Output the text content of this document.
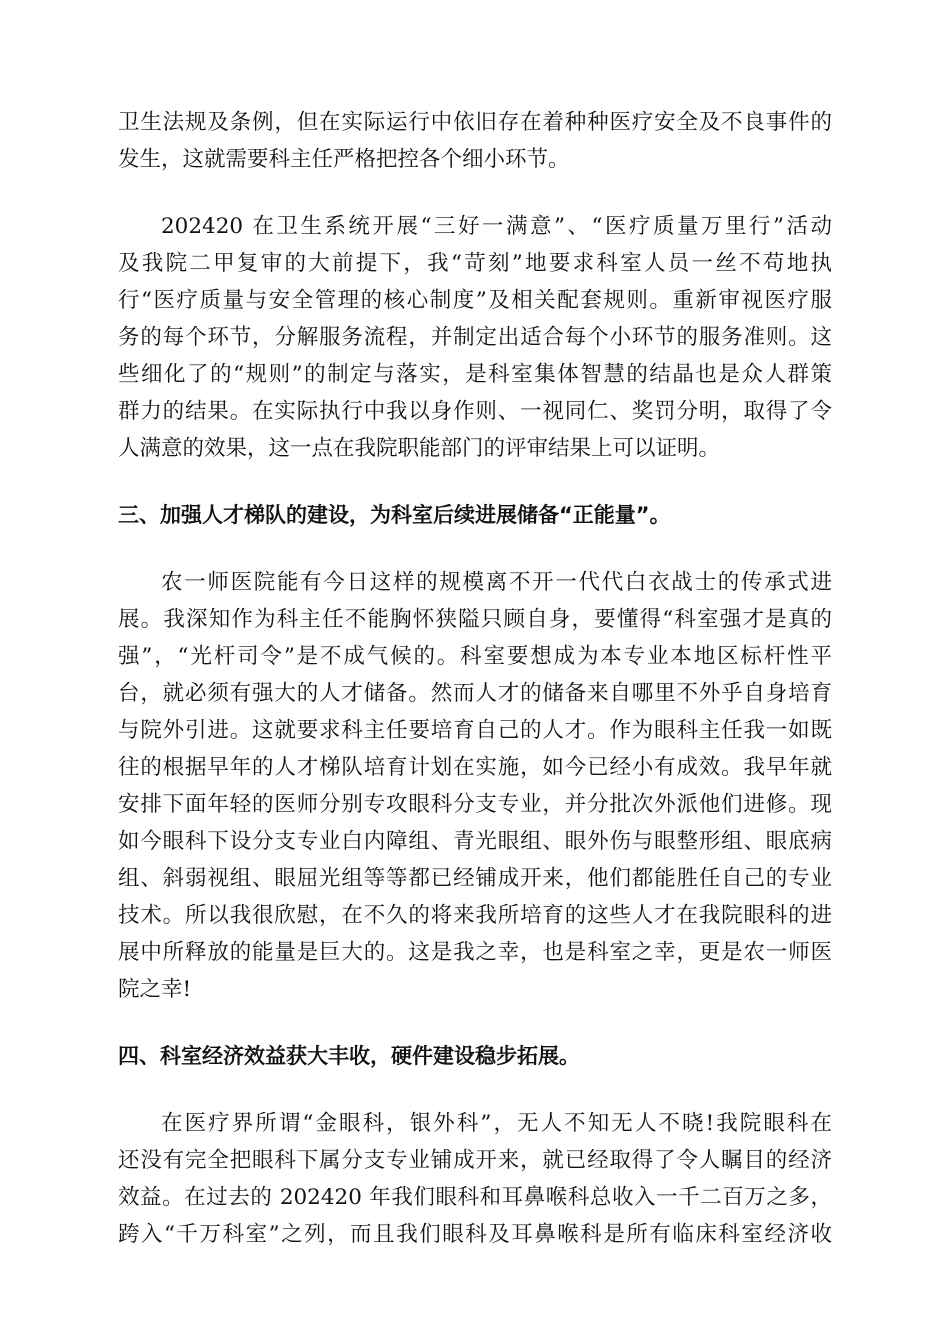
卫生法规及条例，但在实际运行中依旧存在着种种医疗安全及不良事件的
发生，这就需要科主任严格把控各个细小环节。
202420 在卫生系统开展“三好一满意”、“医疗质量万里行”活动
及我院二甲复审的大前提下，我“苛刻”地要求科室人员一丝不苟地执
行“医疗质量与安全管理的核心制度”及相关配套规则。重新审视医疗服
务的每个环节，分解服务流程，并制定出适合每个小环节的服务准则。这
些细化了的“规则”的制定与落实，是科室集体智慧的结晶也是众人群策
群力的结果。在实际执行中我以身作则、一视同仁、奖罚分明，取得了令
人满意的效果，这一点在我院职能部门的评审结果上可以证明。
三、加强人才梯队的建设，为科室后续进展储备“正能量”。
农一师医院能有今日这样的规模离不开一代代白衣战士的传承式进
展。我深知作为科主任不能胸怀狭隘只顾自身，要懂得“科室强才是真的
强”，“光杆司令”是不成气候的。科室要想成为本专业本地区标杆性平
台，就必须有强大的人才储备。然而人才的储备来自哪里不外乎自身培育
与院外引进。这就要求科主任要培育自己的人才。作为眼科主任我一如既
往的根据早年的人才梯队培育计划在实施，如今已经小有成效。我早年就
安排下面年轻的医师分别专攻眼科分支专业，并分批次外派他们进修。现
如今眼科下设分支专业白内障组、青光眼组、眼外伤与眼整形组、眼底病
组、斜弱视组、眼屈光组等等都已经铺成开来，他们都能胜任自己的专业
技术。所以我很欣慰，在不久的将来我所培育的这些人才在我院眼科的进
展中所释放的能量是巨大的。这是我之幸，也是科室之幸，更是农一师医
院之幸!
四、科室经济效益获大丰收，硬件建设稳步拓展。
在医疗界所谓“金眼科，银外科”，无人不知无人不晓!我院眼科在
还没有完全把眼科下属分支专业铺成开来，就已经取得了令人瞩目的经济
效益。在过去的 202420 年我们眼科和耳鼻喉科总收入一千二百万之多，
跨入“千万科室”之列，而且我们眼科及耳鼻喉科是所有临床科室经济收
